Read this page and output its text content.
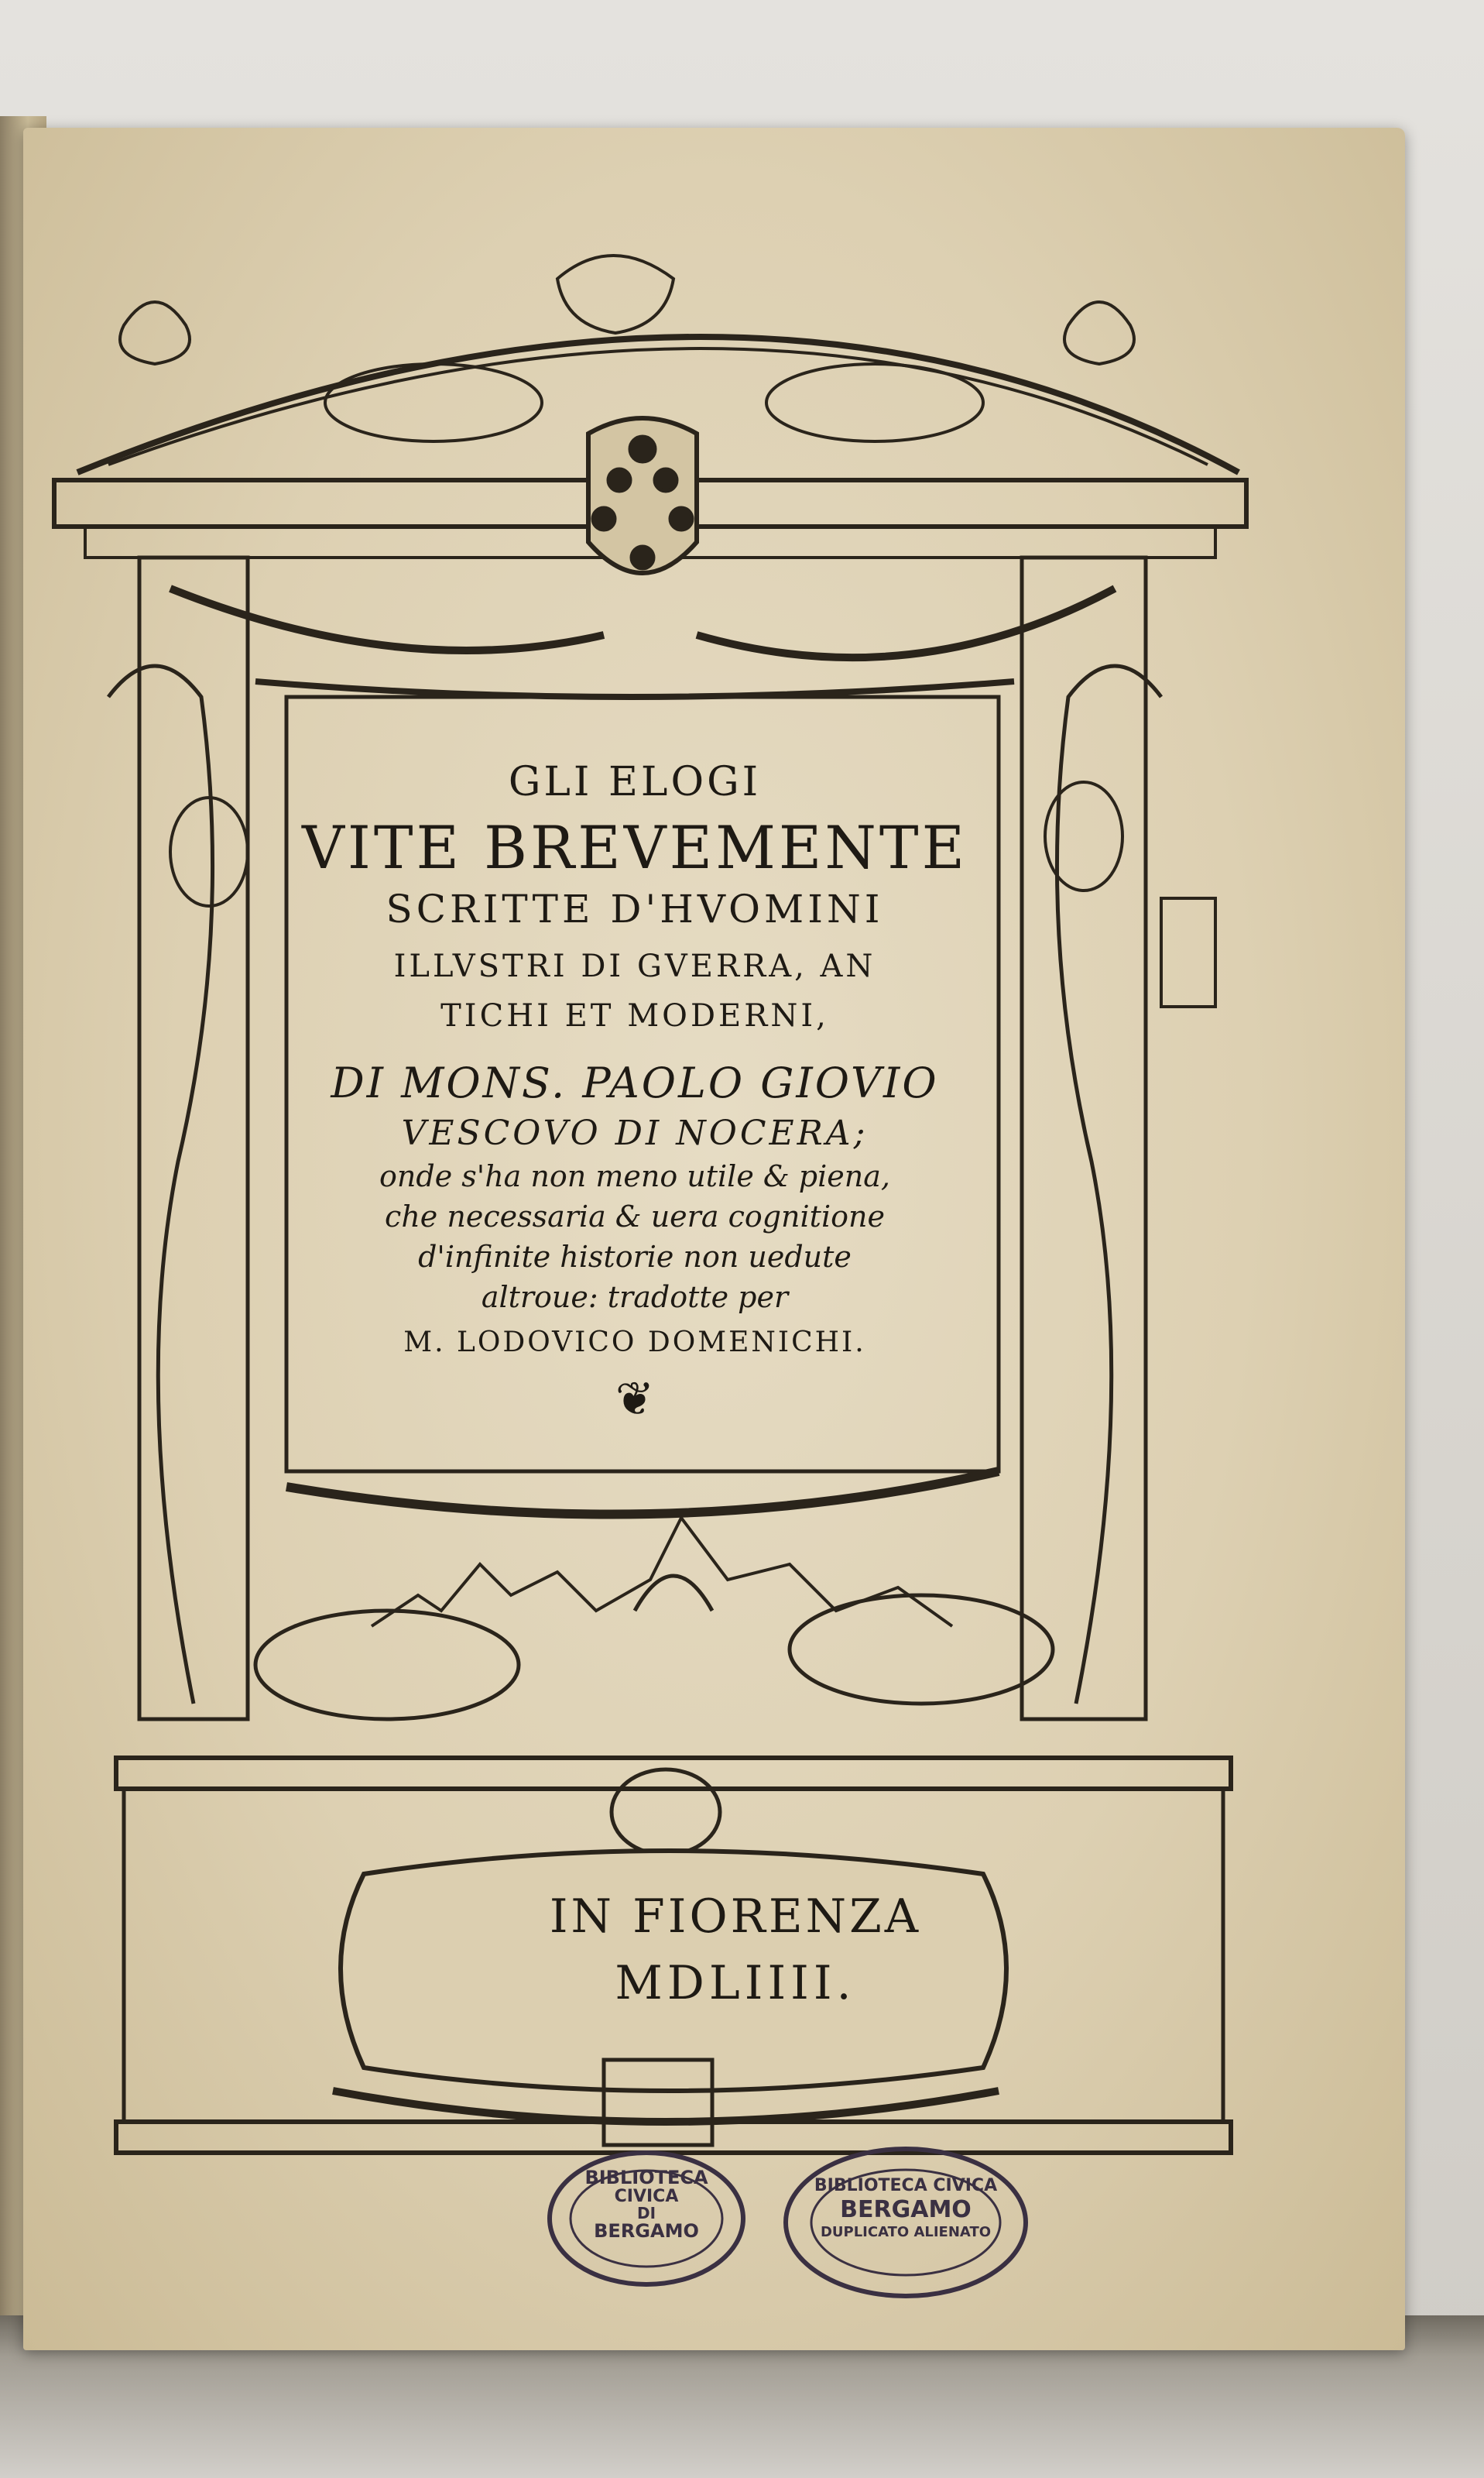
BIBLIOTECA
CIVICA
DI
BERGAMO
BIBLIOTECA CIVICA
BERGAMO
DUPLICATO ALIENATO
GLI ELOGI
VITE BREVEMENTE
SCRITTE D'HVOMINI
ILLVSTRI DI GVERRA, AN
TICHI ET MODERNI,
DI MONS. PAOLO GIOVIO
VESCOVO DI NOCERA;
onde s'ha non meno utile & piena,
che necessaria & uera cognitione
d'infinite historie non uedute
altroue: tradotte per
M. LODOVICO DOMENICHI.
❦
IN FIORENZA
MDLIIII.
